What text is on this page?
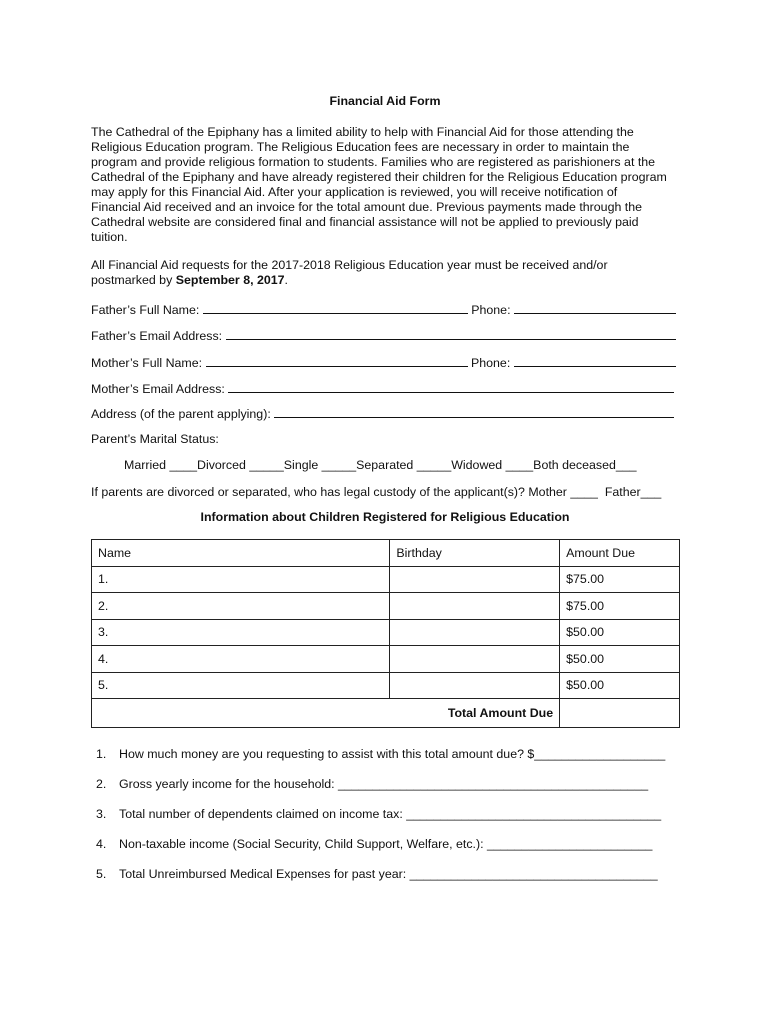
Financial Aid Form
The Cathedral of the Epiphany has a limited ability to help with Financial Aid for those attending the
Religious Education program. The Religious Education fees are necessary in order to maintain the
program and provide religious formation to students. Families who are registered as parishioners at the
Cathedral of the Epiphany and have already registered their children for the Religious Education program
may apply for this Financial Aid. After your application is reviewed, you will receive notification of
Financial Aid received and an invoice for the total amount due. Previous payments made through the
Cathedral website are considered final and financial assistance will not be applied to previously paid
tuition.
All Financial Aid requests for the 2017-2018 Religious Education year must be received and/or
postmarked by September 8, 2017.
Father’s Full Name:	Phone:
Father’s Email Address:
Mother’s Full Name:	Phone:
Mother’s Email Address:
Address (of the parent applying):
Parent’s Marital Status:
Married ____Divorced _____Single _____Separated _____Widowed ____Both deceased___
If parents are divorced or separated, who has legal custody of the applicant(s)? Mother ____  Father___
Information about Children Registered for Religious Education
Name	Birthday	Amount Due
1.		$75.00
2.		$75.00
3.		$50.00
4.		$50.00
5.		$50.00
Total Amount Due		
1. How much money are you requesting to assist with this total amount due? $___________________
2. Gross yearly income for the household: _____________________________________________
3. Total number of dependents claimed on income tax: _____________________________________
4. Non-taxable income (Social Security, Child Support, Welfare, etc.): ________________________
5. Total Unreimbursed Medical Expenses for past year: ____________________________________
